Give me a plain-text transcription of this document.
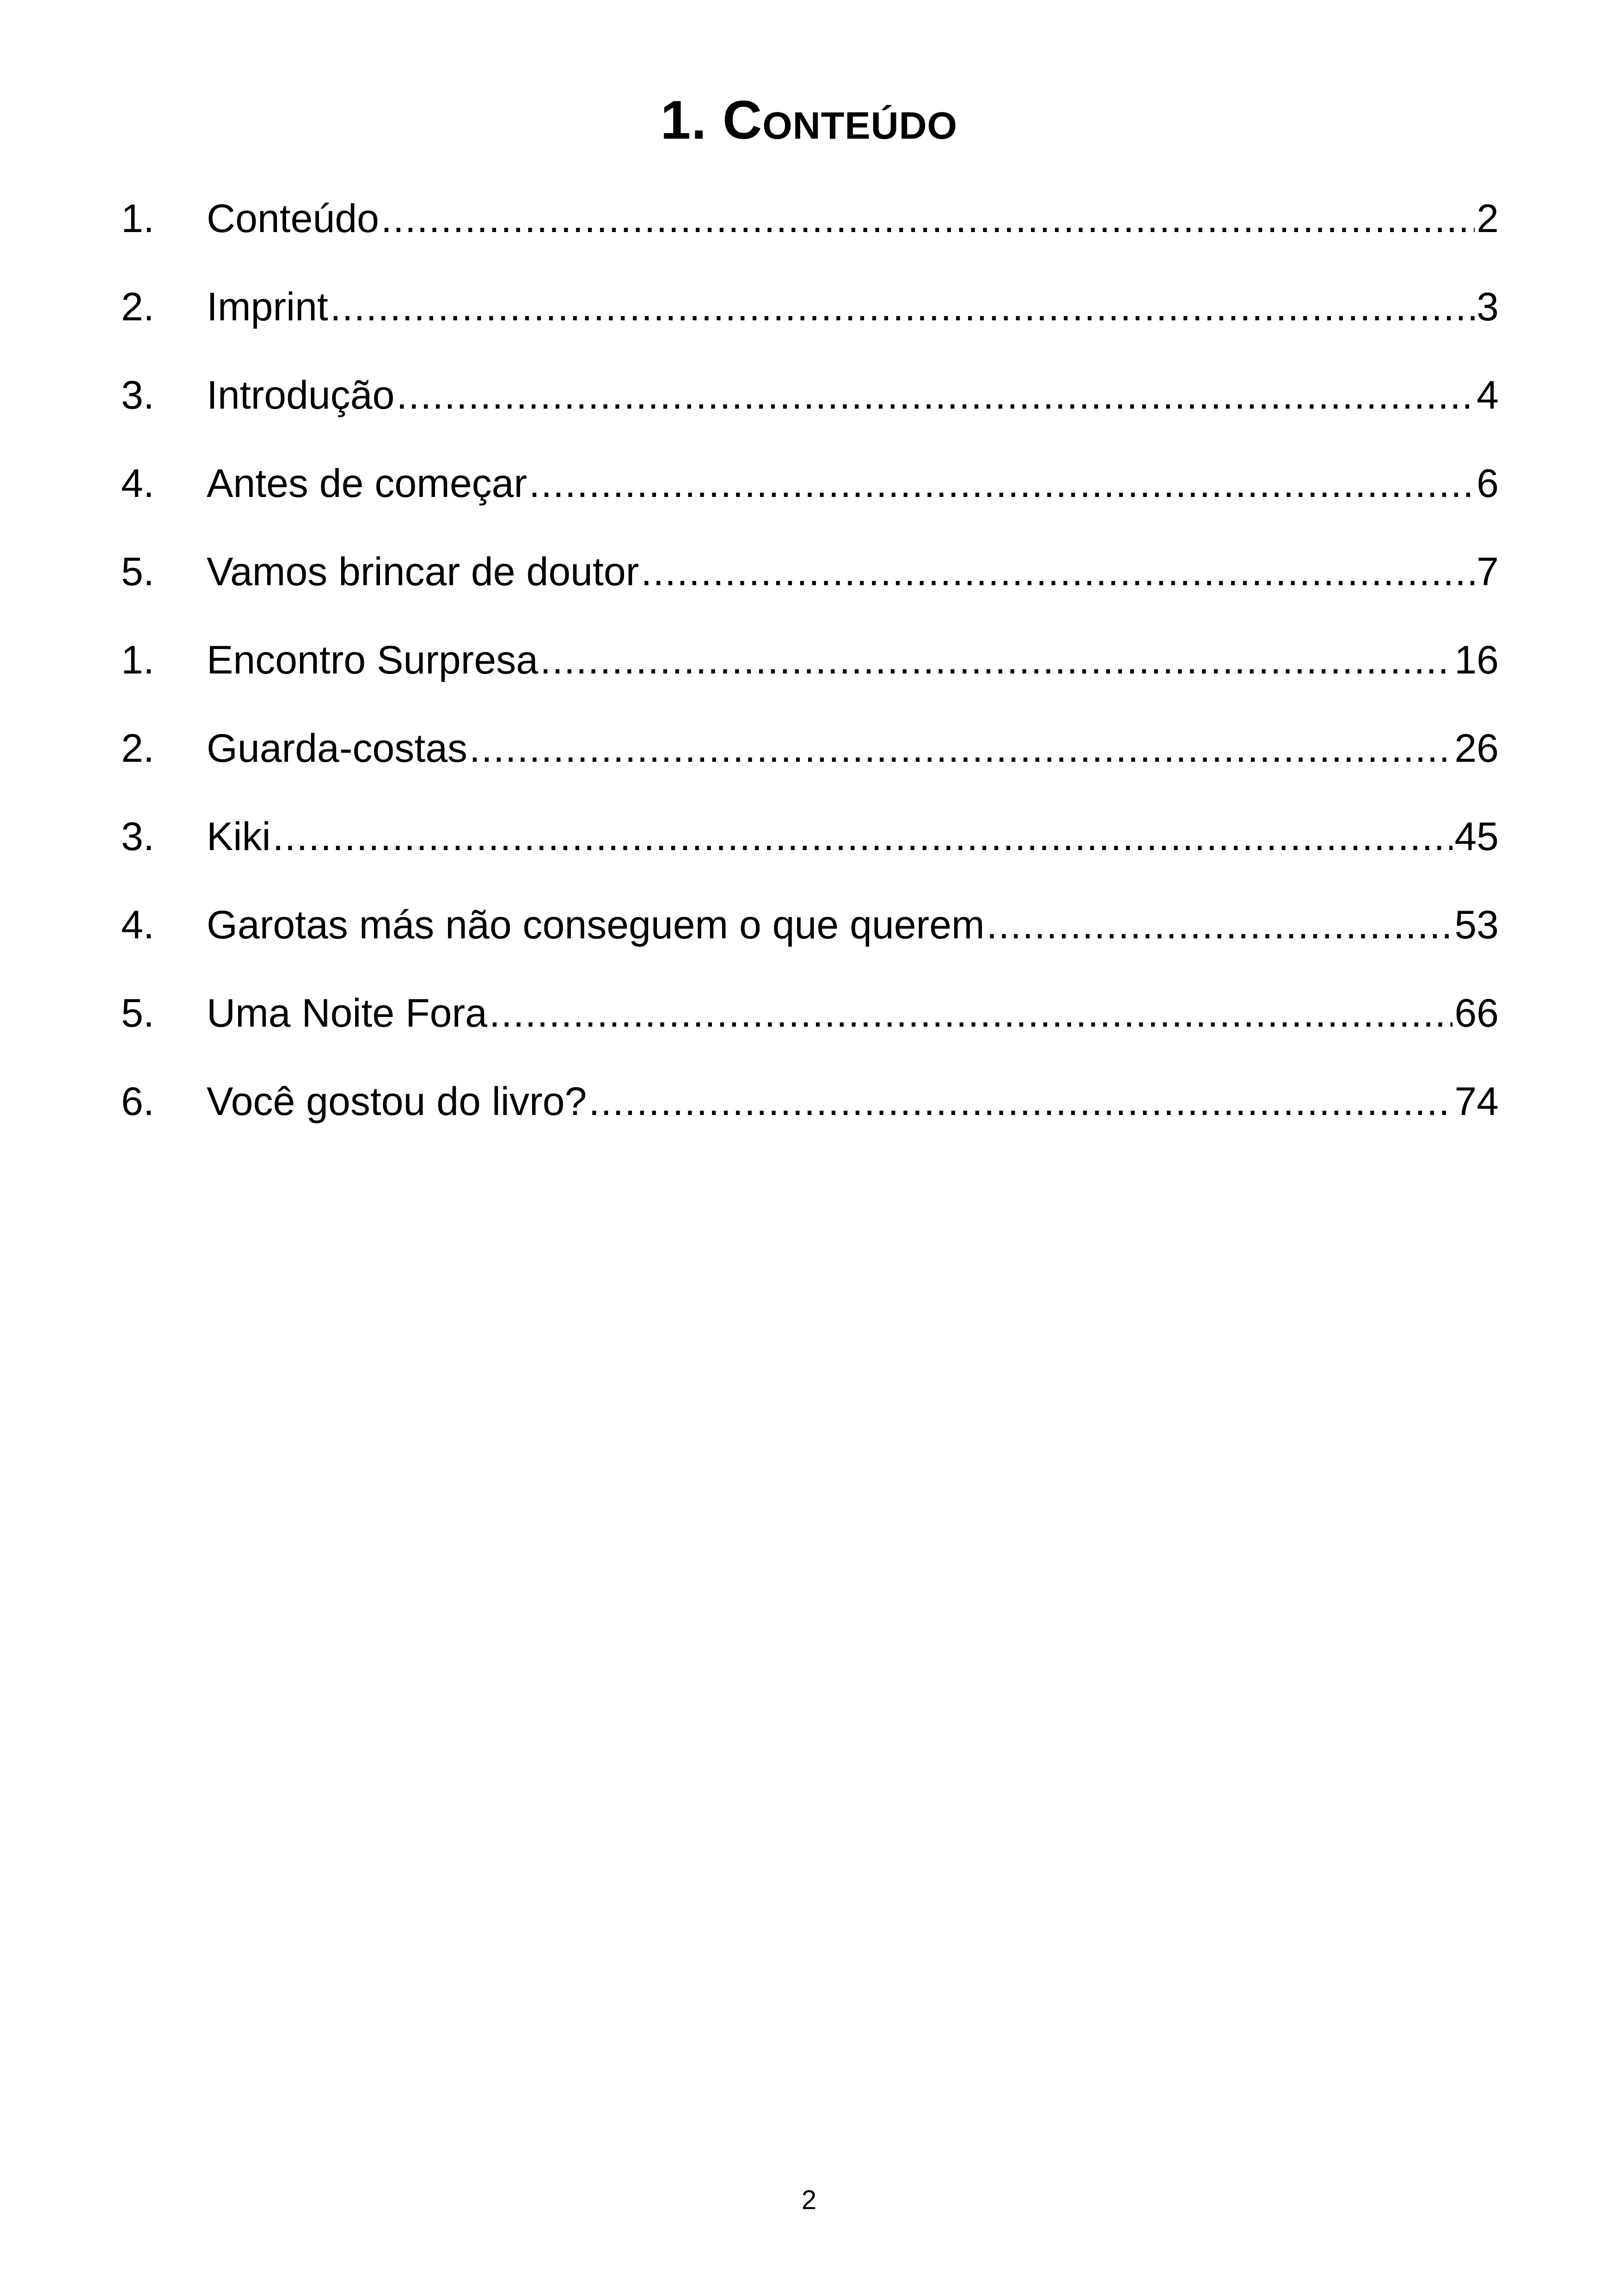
1. Conteúdo
1.	Conteúdo .....	2
2.	Imprint .....	3
3.	Introdução .....	4
4.	Antes de começar .....	6
5.	Vamos brincar de doutor .....	7
1.	Encontro Surpresa .....	16
2.	Guarda-costas .....	26
3.	Kiki .....	45
4.	Garotas más não conseguem o que querem .....	53
5.	Uma Noite Fora .....	66
6.	Você gostou do livro? .....	74
2
